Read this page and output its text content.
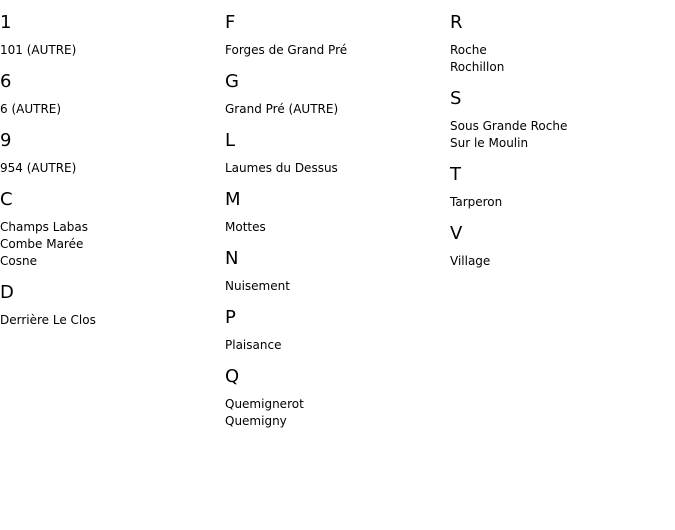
1
101 (AUTRE)
6
6 (AUTRE)
9
954 (AUTRE)
C
Champs Labas
Combe Marée
Cosne
D
Derrière Le Clos
F
Forges de Grand Pré
G
Grand Pré (AUTRE)
L
Laumes du Dessus
M
Mottes
N
Nuisement
P
Plaisance
Q
Quemignerot
Quemigny
R
Roche
Rochillon
S
Sous Grande Roche
Sur le Moulin
T
Tarperon
V
Village
